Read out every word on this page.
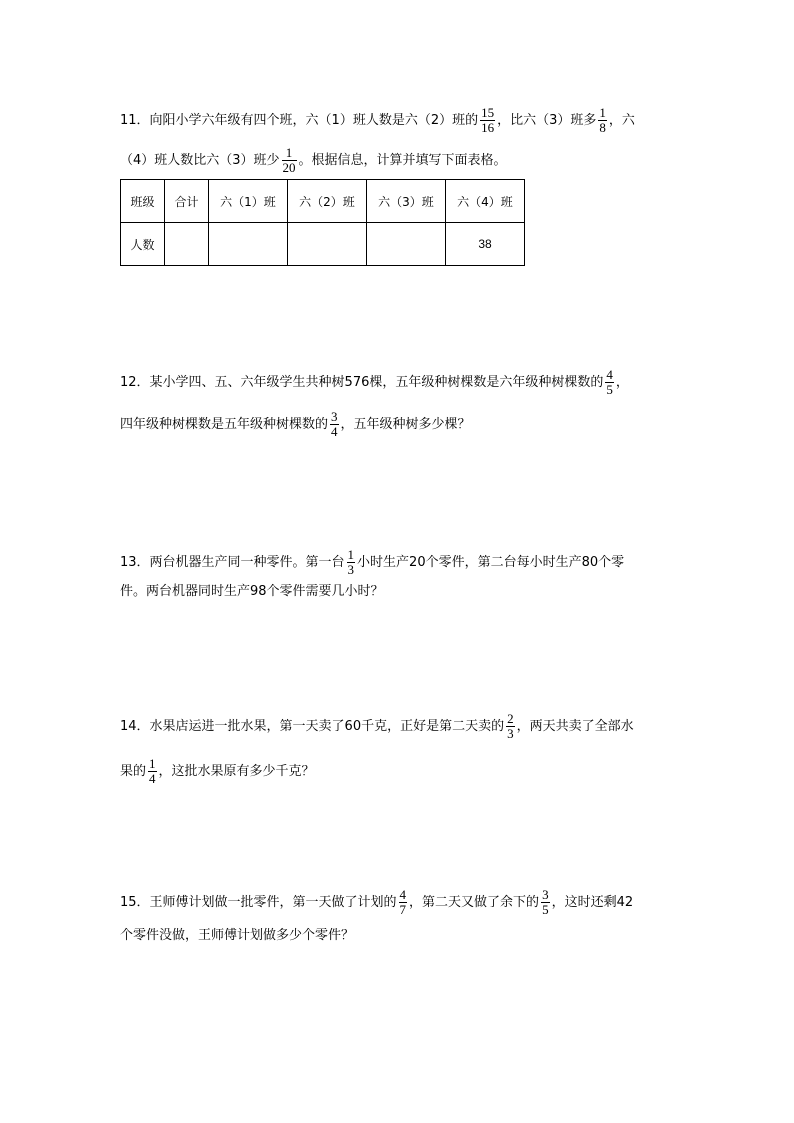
11．向阳小学六年级有四个班，六（1）班人数是六（2）班的 $\frac{15}{16}$ ，比六（3）班多 $\frac{1}{8}$ ，六
（4）班人数比六（3）班少 $\frac{1}{20}$ 。根据信息，计算并填写下面表格。
班级	合计	六（1）班	六（2）班	六（3）班	六（4）班
人数					38
12．某小学四、五、六年级学生共种树576棵，五年级种树棵数是六年级种树棵数的 $\frac{4}{5}$ ，
四年级种树棵数是五年级种树棵数的 $\frac{3}{4}$ ，五年级种树多少棵？
13．两台机器生产同一种零件。第一台 $\frac{1}{3}$ 小时生产20个零件，第二台每小时生产80个零
件。两台机器同时生产98个零件需要几小时？
14．水果店运进一批水果，第一天卖了60千克，正好是第二天卖的 $\frac{2}{3}$ ，两天共卖了全部水
果的 $\frac{1}{4}$ ，这批水果原有多少千克？
15．王师傅计划做一批零件，第一天做了计划的 $\frac{4}{7}$ ，第二天又做了余下的 $\frac{3}{5}$ ，这时还剩42
个零件没做，王师傅计划做多少个零件？
